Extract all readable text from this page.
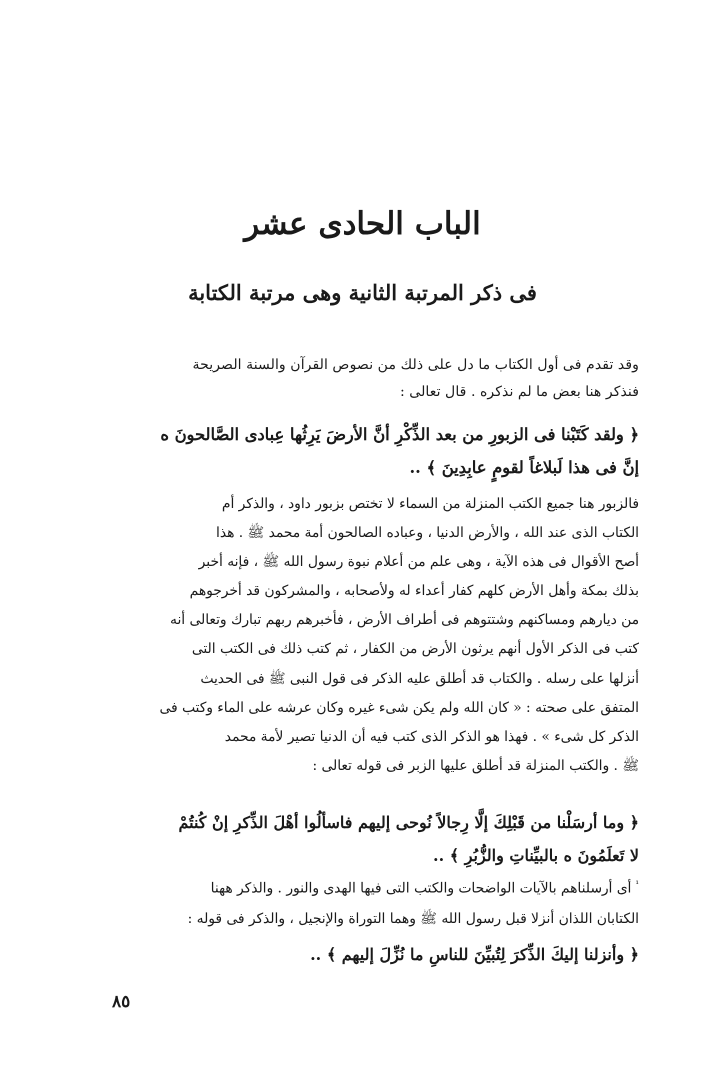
الباب الحادى عشر
فى ذكر المرتبة الثانية وهى مرتبة الكتابة
وقد تقدم فى أول الكتاب ما دل على ذلك من نصوص القرآن والسنة الصريحة
فنذكر هنا بعض ما لم نذكره . قال تعالى :
﴿ ولقد كَتَبْنا فى الزبورِ من بعد الذِّكْرِ أنَّ الأرضَ يَرِثُها عِبادى الصَّالحونَ ه
إنَّ فى هذا لَبلاغاً لقومٍ عابِدِينَ ﴾ ..
فالزبور هنا جميع الكتب المنزلة من السماء لا تختص بزبور داود ، والذكر أم
الكتاب الذى عند الله ، والأرض الدنيا ، وعباده الصالحون أمة محمد ﷺ . هذا
أصح الأقوال فى هذه الآية ، وهى علم من أعلام نبوة رسول الله ﷺ ، فإنه أخبر
بذلك بمكة وأهل الأرض كلهم كفار أعداء له ولأصحابه ، والمشركون قد أخرجوهم
من ديارهم ومساكنهم وشتتوهم فى أطراف الأرض ، فأخبرهم ربهم تبارك وتعالى أنه
كتب فى الذكر الأول أنهم يرثون الأرض من الكفار ، ثم كتب ذلك فى الكتب التى
أنزلها على رسله . والكتاب قد أطلق عليه الذكر فى قول النبى ﷺ فى الحديث
المتفق على صحته : « كان الله ولم يكن شىء غيره وكان عرشه على الماء وكتب فى
الذكر كل شىء » . فهذا هو الذكر الذى كتب فيه أن الدنيا تصير لأمة محمد
ﷺ . والكتب المنزلة قد أطلق عليها الزبر فى قوله تعالى :
﴿ وما أرسَلْنا من قَبْلِكَ إلَّا رِجالاً نُوحى إليهم فاسألُوا أهْلَ الذِّكرِ إنْ كُنتُمْ
لا تَعلَمُونَ ه بالبيِّناتِ والزُّبُرِ ﴾ ..
$^{^1}$أى أرسلناهم بالآيات الواضحات والكتب التى فيها الهدى والنور . والذكر ههنا
الكتابان اللذان أنزلا قبل رسول الله ﷺ وهما التوراة والإنجيل ، والذكر فى قوله :
﴿ وأنزلنا إليكَ الذِّكرَ لِتُبيِّنَ للناسِ ما نُزِّلَ إليهم ﴾ ..
٨٥
